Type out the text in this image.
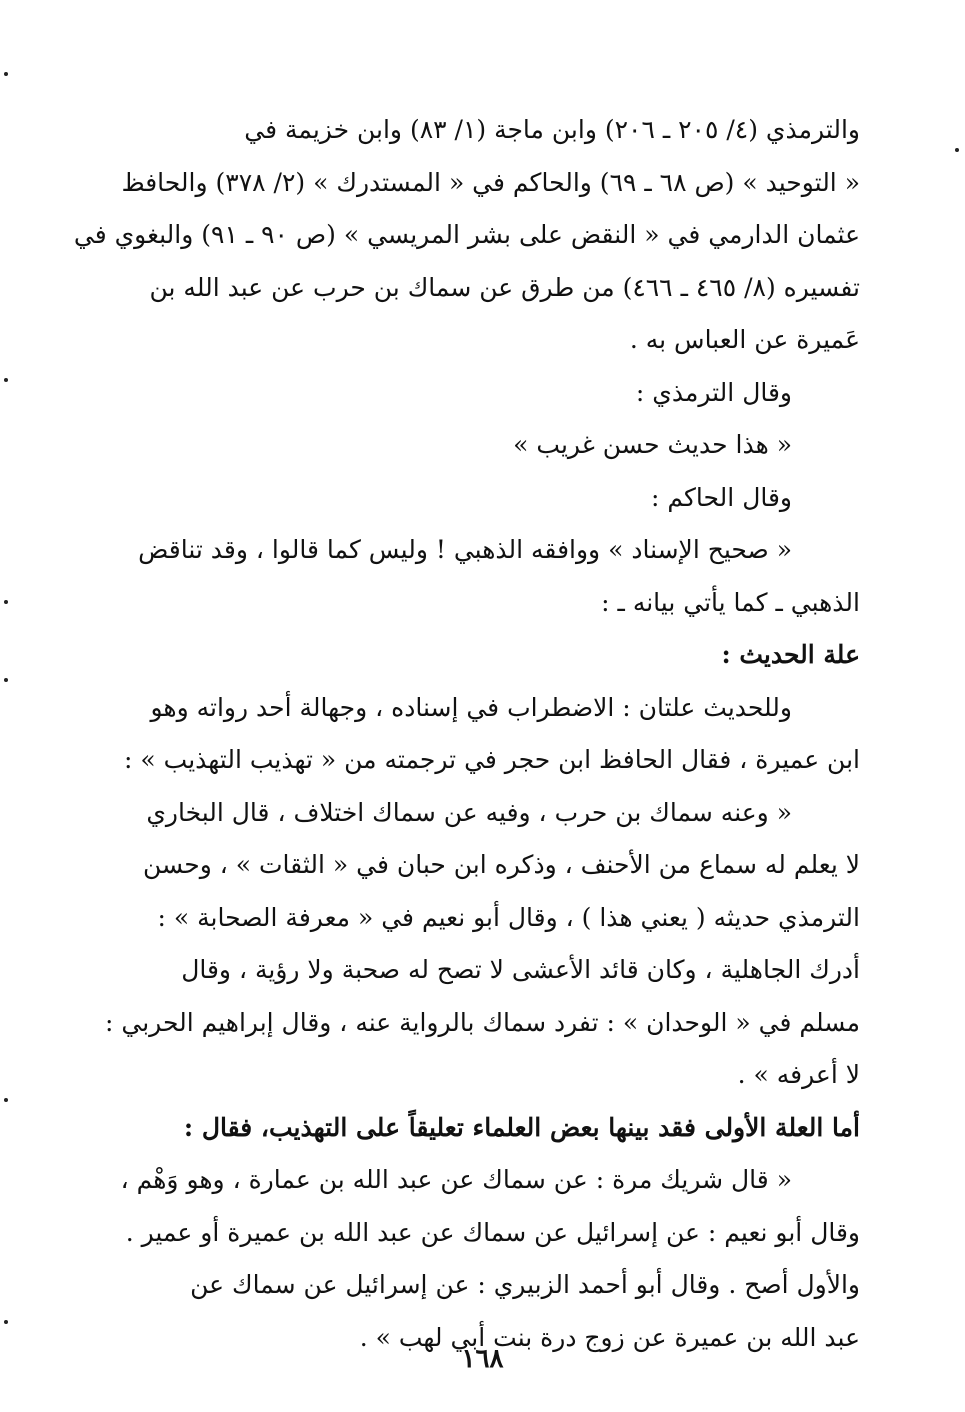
والترمذي (٤/ ٢٠٥ ـ ٢٠٦) وابن ماجة (١/ ٨٣) وابن خزيمة في
« التوحيد » (ص ٦٨ ـ ٦٩) والحاكم في « المستدرك » (٢/ ٣٧٨) والحافظ
عثمان الدارمي في « النقض على بشر المريسي » (ص ٩٠ ـ ٩١) والبغوي في
تفسيره (٨/ ٤٦٥ ـ ٤٦٦) من طرق عن سماك بن حرب عن عبد الله بن
عَميرة عن العباس به .
وقال الترمذي :
« هذا حديث حسن غريب »
وقال الحاكم :
« صحيح الإسناد » ووافقه الذهبي ! وليس كما قالوا ، وقد تناقض
الذهبي ـ كما يأتي بيانه ـ :
علة الحديث :
وللحديث علتان : الاضطراب في إسناده ، وجهالة أحد رواته وهو
ابن عميرة ، فقال الحافظ ابن حجر في ترجمته من « تهذيب التهذيب » :
« وعنه سماك بن حرب ، وفيه عن سماك اختلاف ، قال البخاري
لا يعلم له سماع من الأحنف ، وذكره ابن حبان في « الثقات » ، وحسن
الترمذي حديثه ( يعني هذا ) ، وقال أبو نعيم في « معرفة الصحابة » :
أدرك الجاهلية ، وكان قائد الأعشى لا تصح له صحبة ولا رؤية ، وقال
مسلم في « الوحدان » : تفرد سماك بالرواية عنه ، وقال إبراهيم الحربي :
لا أعرفه » .
أما العلة الأولى فقد بينها بعض العلماء تعليقاً على التهذيب، فقال :
« قال شريك مرة : عن سماك عن عبد الله بن عمارة ، وهو وَهْم ،
وقال أبو نعيم : عن إسرائيل عن سماك عن عبد الله بن عميرة أو عمير .
والأول أصح . وقال أبو أحمد الزبيري : عن إسرائيل عن سماك عن
عبد الله بن عميرة عن زوج درة بنت أبي لهب » .
١٦٨
